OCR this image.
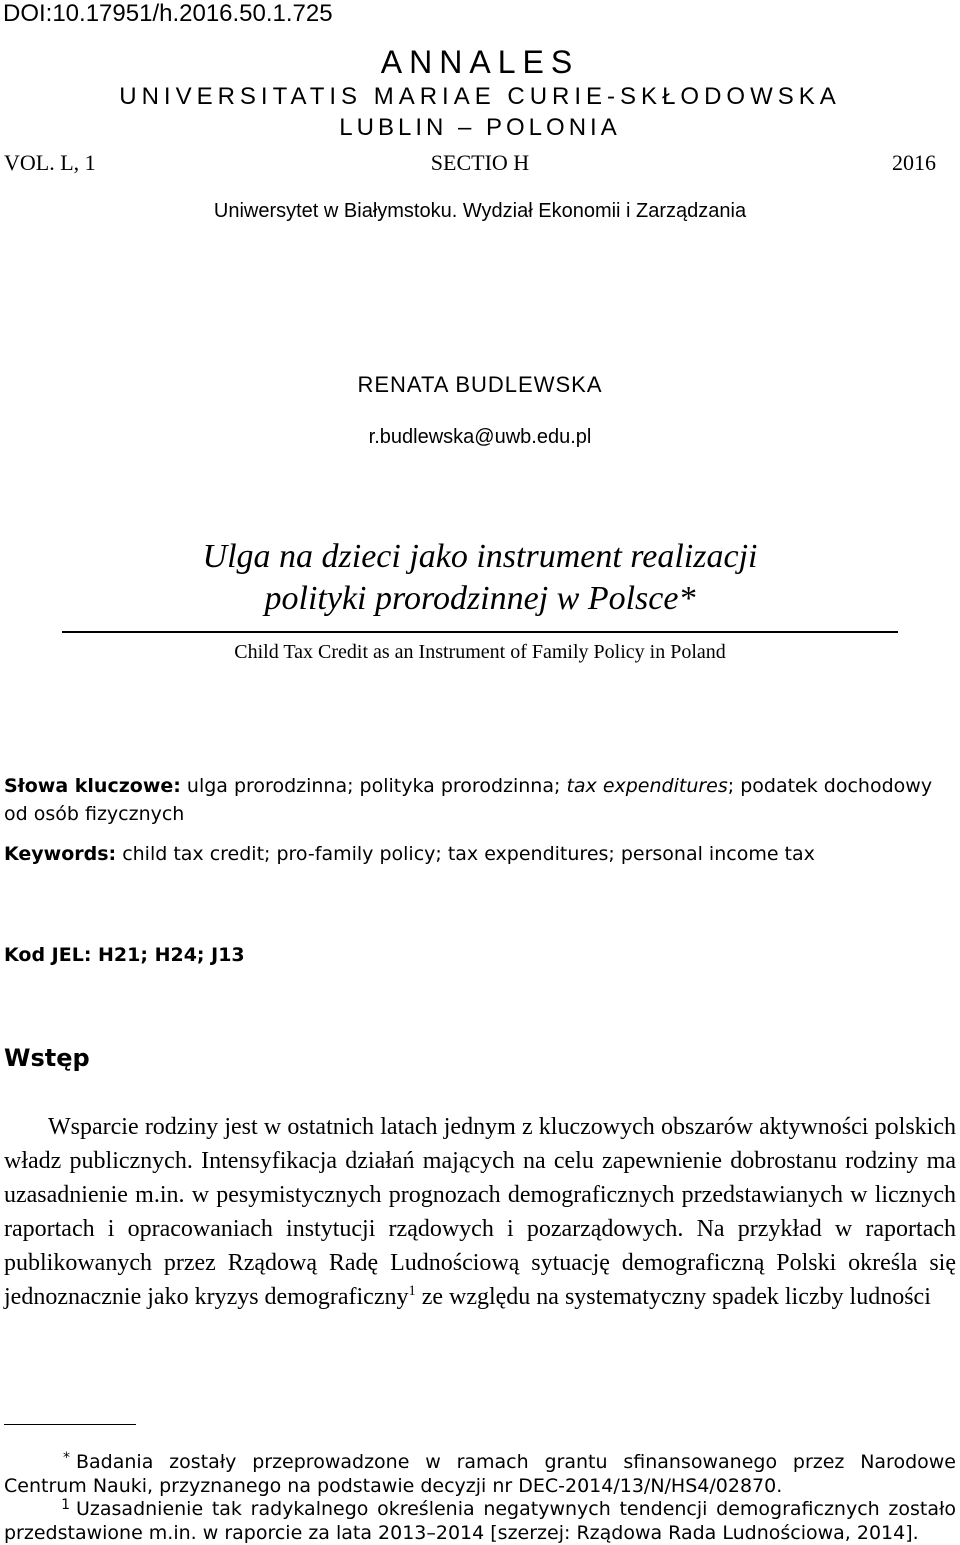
DOI:10.17951/h.2016.50.1.725
ANNALES
UNIVERSITATIS MARIAE CURIE-SKŁODOWSKA
LUBLIN – POLONIA
VOL. L, 1	SECTIO H	2016
Uniwersytet w Białymstoku. Wydział Ekonomii i Zarządzania
RENATA BUDLEWSKA
r.budlewska@uwb.edu.pl
Ulga na dzieci jako instrument realizacji
polityki prorodzinnej w Polsce*
Child Tax Credit as an Instrument of Family Policy in Poland
Słowa kluczowe: ulga prorodzinna; polityka prorodzinna; tax expenditures; podatek dochodowy od osób fizycznych
Keywords: child tax credit; pro-family policy; tax expenditures; personal income tax
Kod JEL: H21; H24; J13
Wstęp

Wsparcie rodziny jest w ostatnich latach jednym z kluczowych obszarów aktywności polskich władz publicznych. Intensyfikacja działań mających na celu zapewnienie dobrostanu rodziny ma uzasadnienie m.in. w pesymistycznych prognozach demograficznych przedstawianych w licznych raportach i opracowaniach instytucji rządowych i pozarządowych. Na przykład w raportach publikowanych przez Rządową Radę Ludnościową sytuację demograficzną Polski określa się jednoznacznie jako kryzys demograficzny$^1$ ze względu na systematyczny spadek liczby ludności

* Badania zostały przeprowadzone w ramach grantu sfinansowanego przez Narodowe Centrum Nauki, przyznanego na podstawie decyzji nr DEC-2014/13/N/HS4/02870.
1 Uzasadnienie tak radykalnego określenia negatywnych tendencji demograficznych zostało przedstawione m.in. w raporcie za lata 2013–2014 [szerzej: Rządowa Rada Ludnościowa, 2014].
